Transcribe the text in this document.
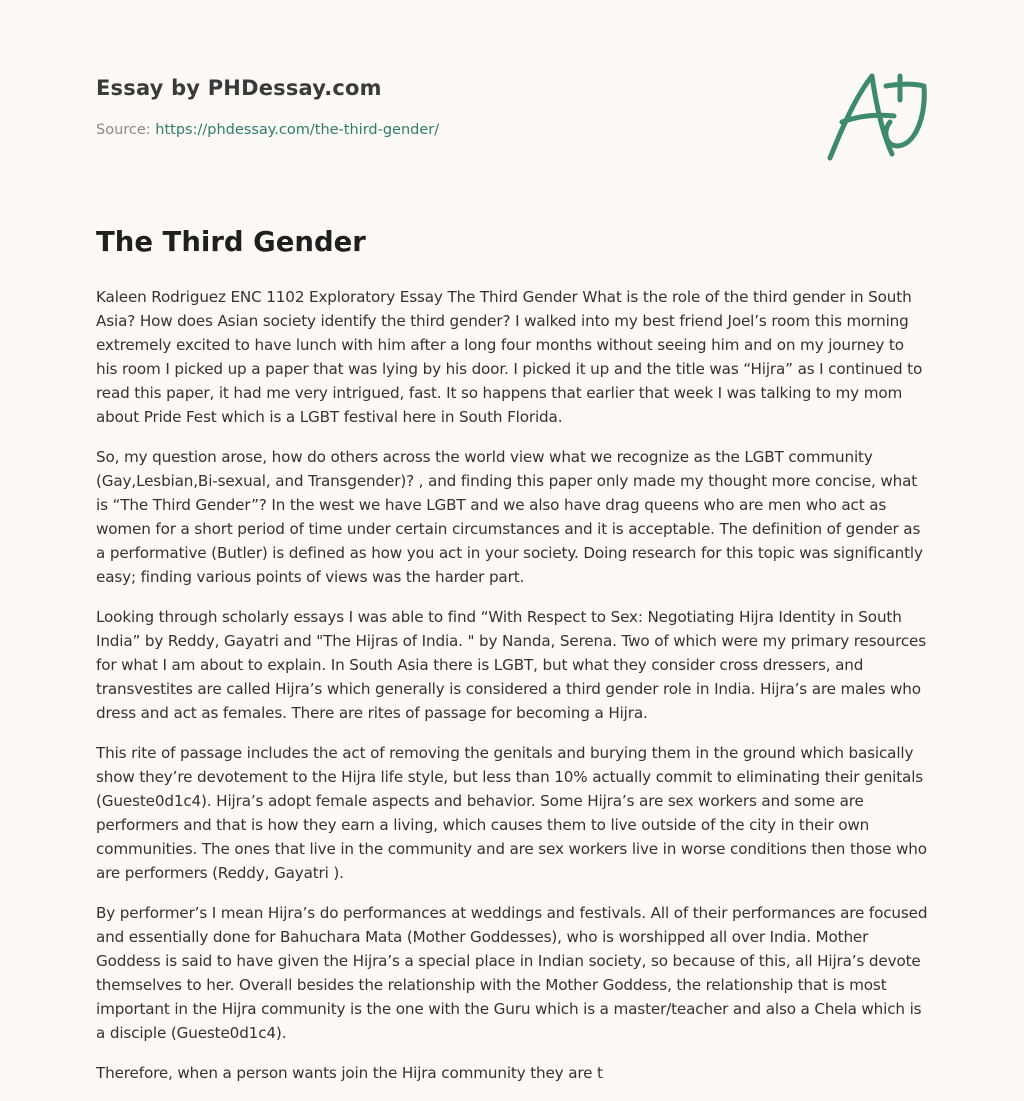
Essay by PHDessay.com
Source: https://phdessay.com/the-third-gender/
The Third Gender

Kaleen Rodriguez ENC 1102 Exploratory Essay The Third Gender What is the role of the third gender in South Asia? How does Asian society identify the third gender? I walked into my best friend Joel’s room this morning extremely excited to have lunch with him after a long four months without seeing him and on my journey to his room I picked up a paper that was lying by his door. I picked it up and the title was “Hijra” as I continued to read this paper, it had me very intrigued, fast. It so happens that earlier that week I was talking to my mom about Pride Fest which is a LGBT festival here in South Florida.

So, my question arose, how do others across the world view what we recognize as the LGBT community (Gay,Lesbian,Bi-sexual, and Transgender)? , and finding this paper only made my thought more concise, what is “The Third Gender”? In the west we have LGBT and we also have drag queens who are men who act as women for a short period of time under certain circumstances and it is acceptable. The definition of gender as a performative (Butler) is defined as how you act in your society. Doing research for this topic was significantly easy; finding various points of views was the harder part.

Looking through scholarly essays I was able to find “With Respect to Sex: Negotiating Hijra Identity in South India” by Reddy, Gayatri and "The Hijras of India. " by Nanda, Serena. Two of which were my primary resources for what I am about to explain. In South Asia there is LGBT, but what they consider cross dressers, and transvestites are called Hijra’s which generally is considered a third gender role in India. Hijra’s are males who dress and act as females. There are rites of passage for becoming a Hijra.

This rite of passage includes the act of removing the genitals and burying them in the ground which basically show they’re devotement to the Hijra life style, but less than 10% actually commit to eliminating their genitals (Gueste0d1c4). Hijra’s adopt female aspects and behavior. Some Hijra’s are sex workers and some are performers and that is how they earn a living, which causes them to live outside of the city in their own communities. The ones that live in the community and are sex workers live in worse conditions then those who are performers (Reddy, Gayatri ).

By performer’s I mean Hijra’s do performances at weddings and festivals. All of their performances are focused and essentially done for Bahuchara Mata (Mother Goddesses), who is worshipped all over India. Mother Goddess is said to have given the Hijra’s a special place in Indian society, so because of this, all Hijra’s devote themselves to her. Overall besides the relationship with the Mother Goddess, the relationship that is most important in the Hijra community is the one with the Guru which is a master/teacher and also a Chela which is a disciple (Gueste0d1c4).

Therefore, when a person wants join the Hijra community they are t
